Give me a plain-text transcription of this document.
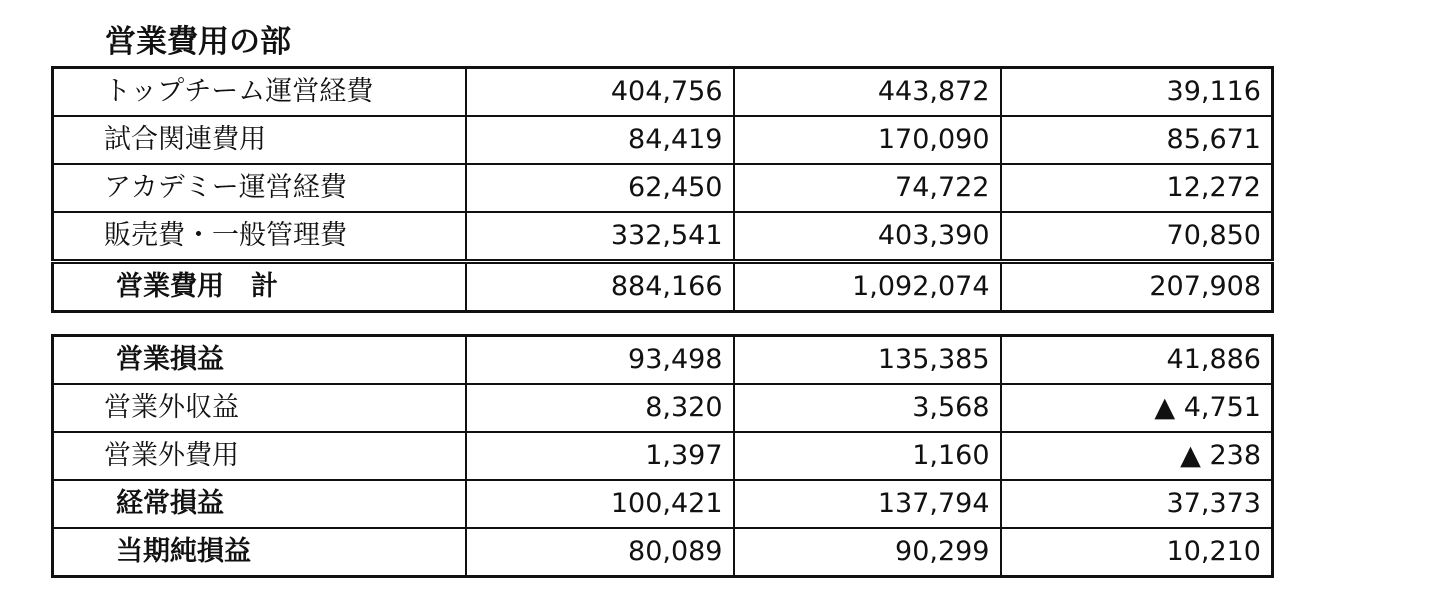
営業費用の部
トップチーム運営経費	404,756	443,872	39,116
試合関連費用	84,419	170,090	85,671
アカデミー運営経費	62,450	74,722	12,272
販売費・一般管理費	332,541	403,390	70,850
営業費用　計	884,166	1,092,074	207,908
営業損益	93,498	135,385	41,886
営業外収益	8,320	3,568	▲ 4,751
営業外費用	1,397	1,160	▲ 238
経常損益	100,421	137,794	37,373
当期純損益	80,089	90,299	10,210
